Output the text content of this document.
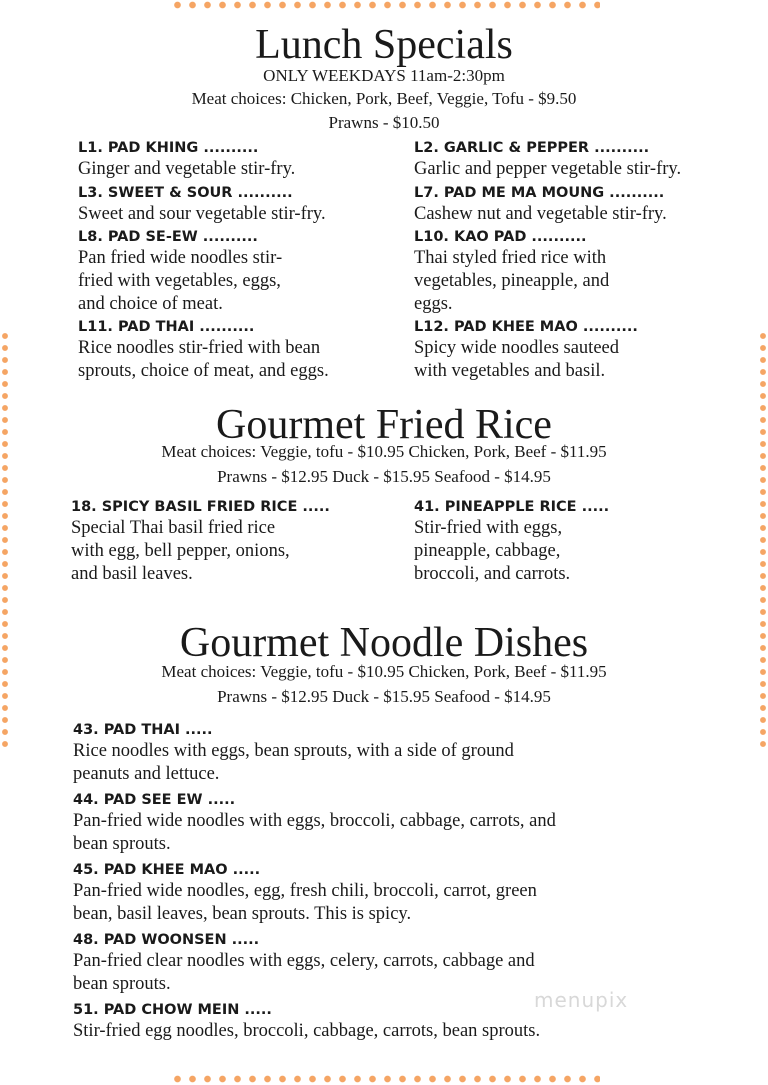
Lunch Specials
ONLY WEEKDAYS 11am-2:30pm
Meat choices: Chicken, Pork, Beef, Veggie, Tofu - $9.50
Prawns - $10.50
L1. PAD KHING ..........
Ginger and vegetable stir-fry.
L2. GARLIC & PEPPER ..........
Garlic and pepper vegetable stir-fry.
L3. SWEET & SOUR ..........
Sweet and sour vegetable stir-fry.
L7. PAD ME MA MOUNG ..........
Cashew nut and vegetable stir-fry.
L8. PAD SE-EW ..........
Pan fried wide noodles stir-
fried with vegetables, eggs,
and choice of meat.
L10. KAO PAD ..........
Thai styled fried rice with
vegetables, pineapple, and
eggs.
L11. PAD THAI ..........
Rice noodles stir-fried with bean
sprouts, choice of meat, and eggs.
L12. PAD KHEE MAO ..........
Spicy wide noodles sauteed
with vegetables and basil.
Gourmet Fried Rice
Meat choices: Veggie, tofu - $10.95 Chicken, Pork, Beef - $11.95
Prawns - $12.95 Duck - $15.95 Seafood - $14.95
18. SPICY BASIL FRIED RICE .....
Special Thai basil fried rice
with egg, bell pepper, onions,
and basil leaves.
41. PINEAPPLE RICE .....
Stir-fried with eggs,
pineapple, cabbage,
broccoli, and carrots.
Gourmet Noodle Dishes
Meat choices: Veggie, tofu - $10.95 Chicken, Pork, Beef - $11.95
Prawns - $12.95 Duck - $15.95 Seafood - $14.95
43. PAD THAI .....
Rice noodles with eggs, bean sprouts, with a side of ground
peanuts and lettuce.
44. PAD SEE EW .....
Pan-fried wide noodles with eggs, broccoli, cabbage, carrots, and
bean sprouts.
45. PAD KHEE MAO .....
Pan-fried wide noodles, egg, fresh chili, broccoli, carrot, green
bean, basil leaves, bean sprouts. This is spicy.
48. PAD WOONSEN .....
Pan-fried clear noodles with eggs, celery, carrots, cabbage and
bean sprouts.
51. PAD CHOW MEIN .....
Stir-fried egg noodles, broccoli, cabbage, carrots, bean sprouts.
menupix
